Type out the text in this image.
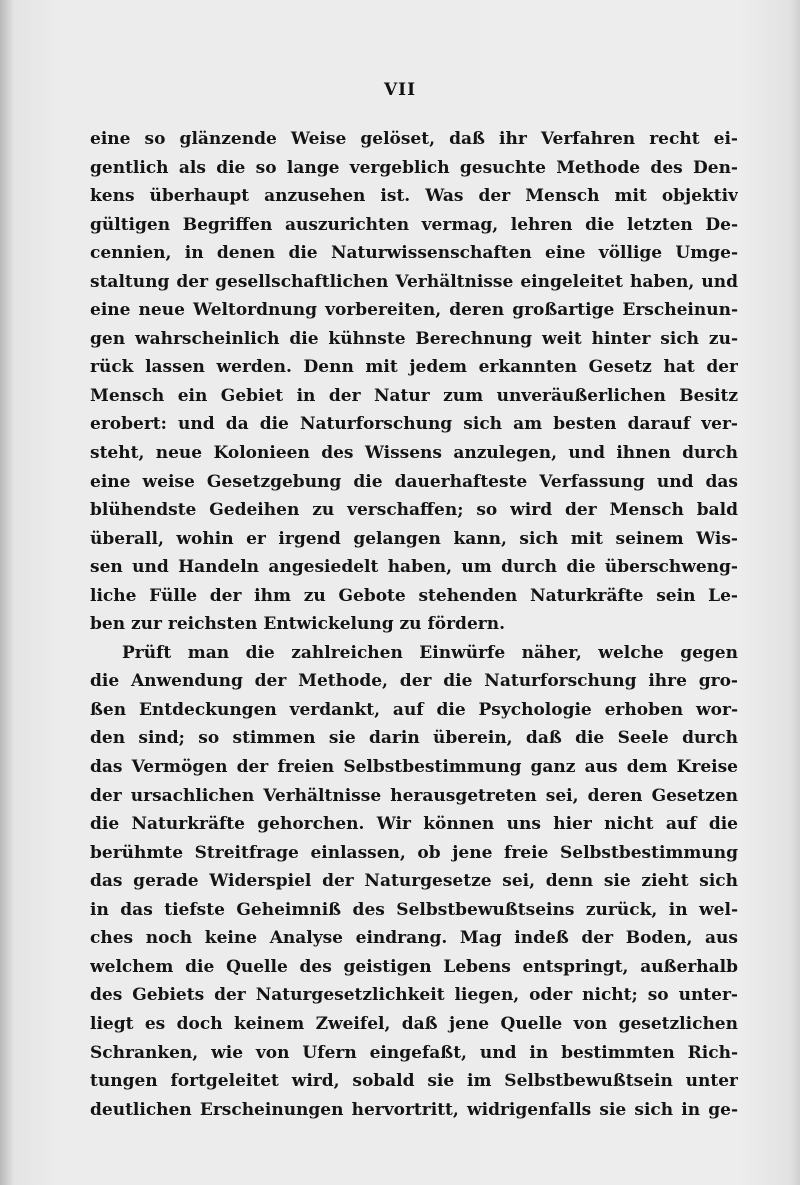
VII
eine so glänzende Weise gelöset, daß ihr Verfahren recht ei-
gentlich als die so lange vergeblich gesuchte Methode des Den-
kens überhaupt anzusehen ist. Was der Mensch mit objektiv
gültigen Begriffen auszurichten vermag, lehren die letzten De-
cennien, in denen die Naturwissenschaften eine völlige Umge-
staltung der gesellschaftlichen Verhältnisse eingeleitet haben, und
eine neue Weltordnung vorbereiten, deren großartige Erscheinun-
gen wahrscheinlich die kühnste Berechnung weit hinter sich zu-
rück lassen werden. Denn mit jedem erkannten Gesetz hat der
Mensch ein Gebiet in der Natur zum unveräußerlichen Besitz
erobert: und da die Naturforschung sich am besten darauf ver-
steht, neue Kolonieen des Wissens anzulegen, und ihnen durch
eine weise Gesetzgebung die dauerhafteste Verfassung und das
blühendste Gedeihen zu verschaffen; so wird der Mensch bald
überall, wohin er irgend gelangen kann, sich mit seinem Wis-
sen und Handeln angesiedelt haben, um durch die überschweng-
liche Fülle der ihm zu Gebote stehenden Naturkräfte sein Le-
ben zur reichsten Entwickelung zu fördern.
Prüft man die zahlreichen Einwürfe näher, welche gegen
die Anwendung der Methode, der die Naturforschung ihre gro-
ßen Entdeckungen verdankt, auf die Psychologie erhoben wor-
den sind; so stimmen sie darin überein, daß die Seele durch
das Vermögen der freien Selbstbestimmung ganz aus dem Kreise
der ursachlichen Verhältnisse herausgetreten sei, deren Gesetzen
die Naturkräfte gehorchen. Wir können uns hier nicht auf die
berühmte Streitfrage einlassen, ob jene freie Selbstbestimmung
das gerade Widerspiel der Naturgesetze sei, denn sie zieht sich
in das tiefste Geheimniß des Selbstbewußtseins zurück, in wel-
ches noch keine Analyse eindrang. Mag indeß der Boden, aus
welchem die Quelle des geistigen Lebens entspringt, außerhalb
des Gebiets der Naturgesetzlichkeit liegen, oder nicht; so unter-
liegt es doch keinem Zweifel, daß jene Quelle von gesetzlichen
Schranken, wie von Ufern eingefaßt, und in bestimmten Rich-
tungen fortgeleitet wird, sobald sie im Selbstbewußtsein unter
deutlichen Erscheinungen hervortritt, widrigenfalls sie sich in ge-
